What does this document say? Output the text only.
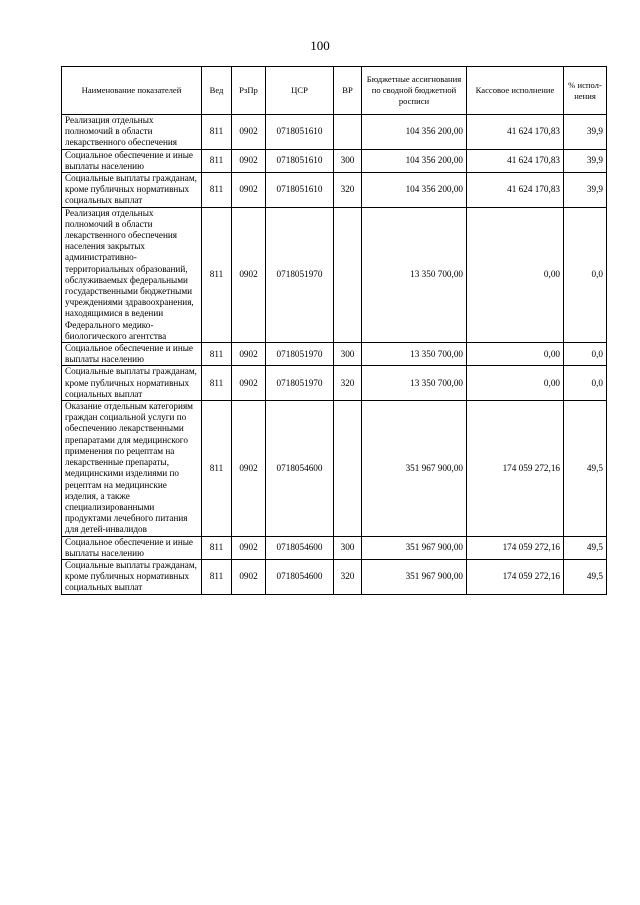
100
Наименование показателей	Вед	РзПр	ЦСР	ВР	Бюджетные ассигнования по сводной бюджетной росписи	Кассовое исполнение	% испол-нения
Реализация отдельных полномочий в области лекарственного обеспечения	811	0902	0718051610		104 356 200,00	41 624 170,83	39,9
Социальное обеспечение и иные выплаты населению	811	0902	0718051610	300	104 356 200,00	41 624 170,83	39,9
Социальные выплаты гражданам, кроме публичных нормативных социальных выплат	811	0902	0718051610	320	104 356 200,00	41 624 170,83	39,9
Реализация отдельных полномочий в области лекарственного обеспечения населения закрытых административно-территориальных образований, обслуживаемых федеральными государственными бюджетными учреждениями здравоохранения, находящимися в ведении Федерального медико-биологического агентства	811	0902	0718051970		13 350 700,00	0,00	0,0
Социальное обеспечение и иные выплаты населению	811	0902	0718051970	300	13 350 700,00	0,00	0,0
Социальные выплаты гражданам, кроме публичных нормативных социальных выплат	811	0902	0718051970	320	13 350 700,00	0,00	0,0
Оказание отдельным категориям граждан социальной услуги по обеспечению лекарственными препаратами для медицинского применения по рецептам на лекарственные препараты, медицинскими изделиями по рецептам на медицинские изделия, а также специализированными продуктами лечебного питания для детей-инвалидов	811	0902	0718054600		351 967 900,00	174 059 272,16	49,5
Социальное обеспечение и иные выплаты населению	811	0902	0718054600	300	351 967 900,00	174 059 272,16	49,5
Социальные выплаты гражданам, кроме публичных нормативных социальных выплат	811	0902	0718054600	320	351 967 900,00	174 059 272,16	49,5
